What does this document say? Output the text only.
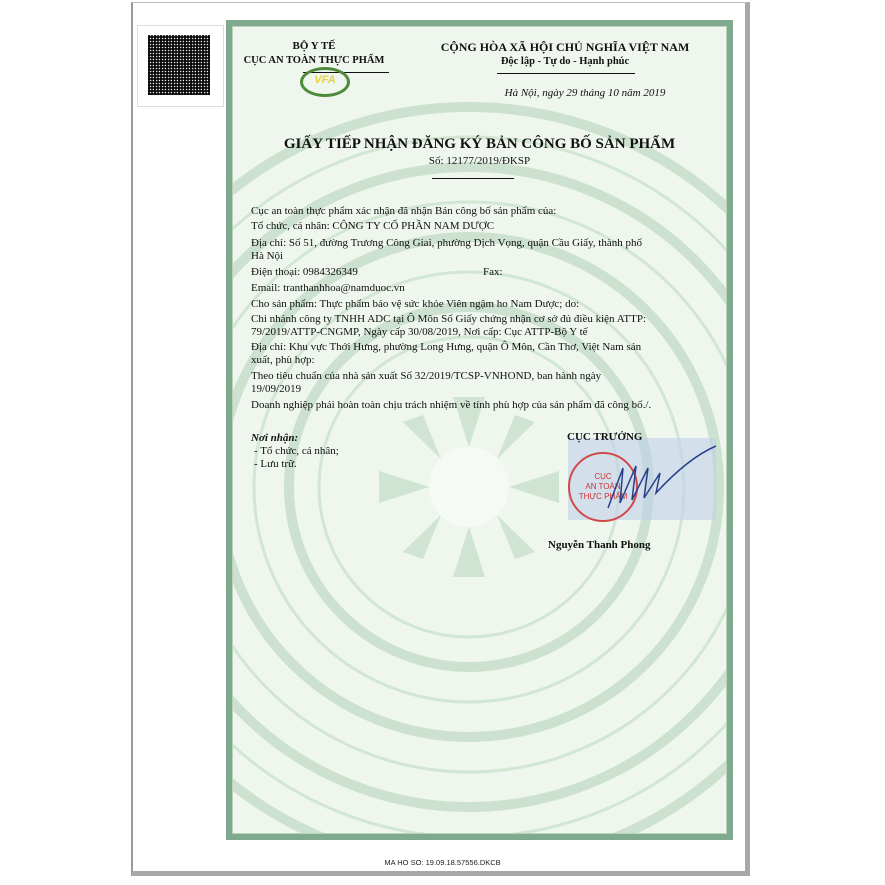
BỘ Y TẾ
CỤC AN TOÀN THỰC PHẨM
VFA
CỘNG HÒA XÃ HỘI CHỦ NGHĨA VIỆT NAM
Độc lập - Tự do - Hạnh phúc
Hà Nội, ngày 29 tháng 10 năm 2019
GIẤY TIẾP NHẬN ĐĂNG KÝ BẢN CÔNG BỐ SẢN PHẨM
Số: 12177/2019/ĐKSP
Cục an toàn thực phẩm xác nhận đã nhận Bản công bố sản phẩm của:
Tổ chức, cá nhân: CÔNG TY CỔ PHẦN NAM DƯỢC
Địa chỉ: Số 51, đường Trương Công Giai, phường Dịch Vọng, quận Cầu Giấy, thành phố
Hà Nội
Điện thoại: 0984326349	Fax:
Email: tranthanhhoa@namduoc.vn
Cho sản phẩm: Thực phẩm bảo vệ sức khỏe Viên ngậm ho Nam Dược; do:
Chi nhánh công ty TNHH ADC tại Ô Môn Số Giấy chứng nhận cơ sở đủ điều kiện ATTP:
79/2019/ATTP-CNGMP, Ngày cấp 30/08/2019, Nơi cấp: Cục ATTP-Bộ Y tế
Địa chỉ: Khu vực Thới Hưng, phường Long Hưng, quận Ô Môn, Cần Thơ, Việt Nam sản
xuất, phù hợp:
Theo tiêu chuẩn của nhà sản xuất Số 32/2019/TCSP-VNHOND, ban hành ngày
19/09/2019
Doanh nghiệp phải hoàn toàn chịu trách nhiệm về tính phù hợp của sản phẩm đã công bố./.
Nơi nhận:
- Tổ chức, cá nhân;
- Lưu trữ.
CỤC
AN TOÀN
THỰC PHẨM
CỤC TRƯỞNG
Nguyễn Thanh Phong
MA HO SO: 19.09.18.57556.DKCB
